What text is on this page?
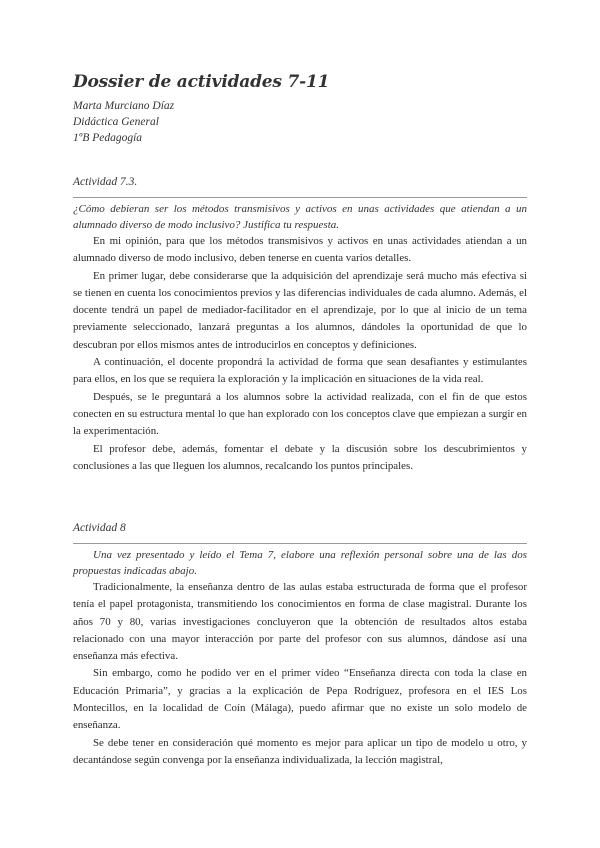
Dossier de actividades 7-11
Marta Murciano Díaz
Didáctica General
1ºB Pedagogía

Actividad 7.3.

¿Cómo debieran ser los métodos transmisivos y activos en unas actividades que atiendan a un alumnado diverso de modo inclusivo? Justifica tu respuesta.

En mi opinión, para que los métodos transmisivos y activos en unas actividades atiendan a un alumnado diverso de modo inclusivo, deben tenerse en cuenta varios detalles.

En primer lugar, debe considerarse que la adquisición del aprendizaje será mucho más efectiva si se tienen en cuenta los conocimientos previos y las diferencias individuales de cada alumno. Además, el docente tendrá un papel de mediador-facilitador en el aprendizaje, por lo que al inicio de un tema previamente seleccionado, lanzará preguntas a los alumnos, dándoles la oportunidad de que lo descubran por ellos mismos antes de introducirlos en conceptos y definiciones.

A continuación, el docente propondrá la actividad de forma que sean desafiantes y estimulantes para ellos, en los que se requiera la exploración y la implicación en situaciones de la vida real.

Después, se le preguntará a los alumnos sobre la actividad realizada, con el fin de que estos conecten en su estructura mental lo que han explorado con los conceptos clave que empiezan a surgir en la experimentación.

El profesor debe, además, fomentar el debate y la discusión sobre los descubrimientos y conclusiones a las que lleguen los alumnos, recalcando los puntos principales.

Actividad 8

Una vez presentado y leído el Tema 7, elabore una reflexión personal sobre una de las dos propuestas indicadas abajo.

Tradicionalmente, la enseñanza dentro de las aulas estaba estructurada de forma que el profesor tenía el papel protagonista, transmitiendo los conocimientos en forma de clase magistral. Durante los años 70 y 80, varias investigaciones concluyeron que la obtención de resultados altos estaba relacionado con una mayor interacción por parte del profesor con sus alumnos, dándose así una enseñanza más efectiva.

Sin embargo, como he podido ver en el primer vídeo “Enseñanza directa con toda la clase en Educación Primaria”, y gracias a la explicación de Pepa Rodríguez, profesora en el IES Los Montecillos, en la localidad de Coín (Málaga), puedo afirmar que no existe un solo modelo de enseñanza.

Se debe tener en consideración qué momento es mejor para aplicar un tipo de modelo u otro, y decantándose según convenga por la enseñanza individualizada, la lección magistral,
